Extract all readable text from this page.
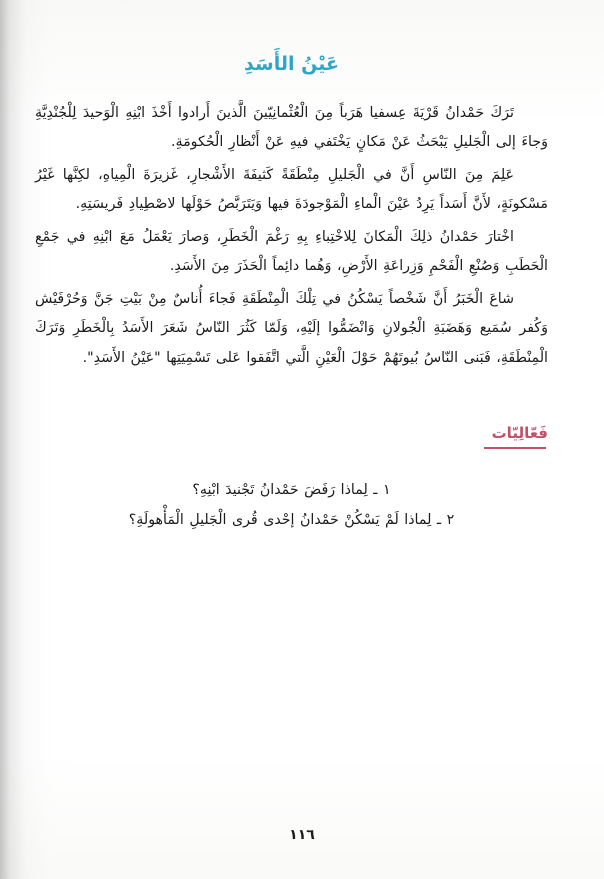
عَيْنُ الأَسَدِ

تَرَكَ حَمْدانُ قَرْيَةَ عِسفيا هَرَباً مِنَ الْعُثْمانِيّينَ الَّذينَ أَرادوا أَخْذَ ابْنِهِ الْوَحيدَ لِلْجُنْدِيَّةِ وَجاءَ إلى الْجَليلِ يَبْحَثُ عَنْ مَكانٍ يَخْتَفي فيهِ عَنْ أَنْظارِ الْحُكومَةِ.

عَلِمَ مِنَ النّاسِ أَنَّ في الْجَليلِ مِنْطَقَةً كَثيفَةَ الأَشْجارِ، غَزيرَةَ الْمِياهِ، لكِنَّها غَيْرُ مَسْكونَةٍ، لأَنَّ أَسَداً يَرِدُ عَيْنَ الْماءِ الْمَوْجودَةَ فيها وَيَتَرَبَّصُ حَوْلَها لاصْطِيادِ فَريسَتِهِ.

اخْتارَ حَمْدانُ ذلِكَ الْمَكانَ لِلاخْتِباءِ بِهِ رَغْمَ الْخَطَرِ، وَصارَ يَعْمَلُ مَعَ ابْنِهِ في جَمْعِ الْحَطَبِ وَصُنْعِ الْفَحْمِ وَزِراعَةِ الأَرْضِ، وَهُما دائِماً الْحَذَرَ مِنَ الأَسَدِ.

شاعَ الْخَبَرُ أَنَّ شَخْصاً يَسْكُنُ في تِلْكَ الْمِنْطَقَةِ فَجاءَ أُناسٌ مِنْ بَيْتِ جَنَّ وَحُرْفَيْش وَكُفر سُمَيع وَهَضَبَةِ الْجُولانِ وَانْضَمُّوا إلَيْهِ، وَلَمّا كَثُرَ النّاسُ شَعَرَ الأَسَدُ بِالْخَطَرِ وَتَرَكَ الْمِنْطَقَةِ، فَبَنى النّاسُ بُيوتَهُمْ حَوْلَ الْعَيْنِ الَّتي اتَّفَقوا عَلى تَسْمِيَتِها "عَيْنُ الأَسَدِ".

فَعّالِيّات
١ ـ لِماذا رَفَضَ حَمْدانُ تَجْنيدَ ابْنِهِ؟
٢ ـ لِماذا لَمْ يَسْكُنْ حَمْدانُ إحْدى قُرى الْجَليلِ الْمَأْهولَةِ؟
١١٦
